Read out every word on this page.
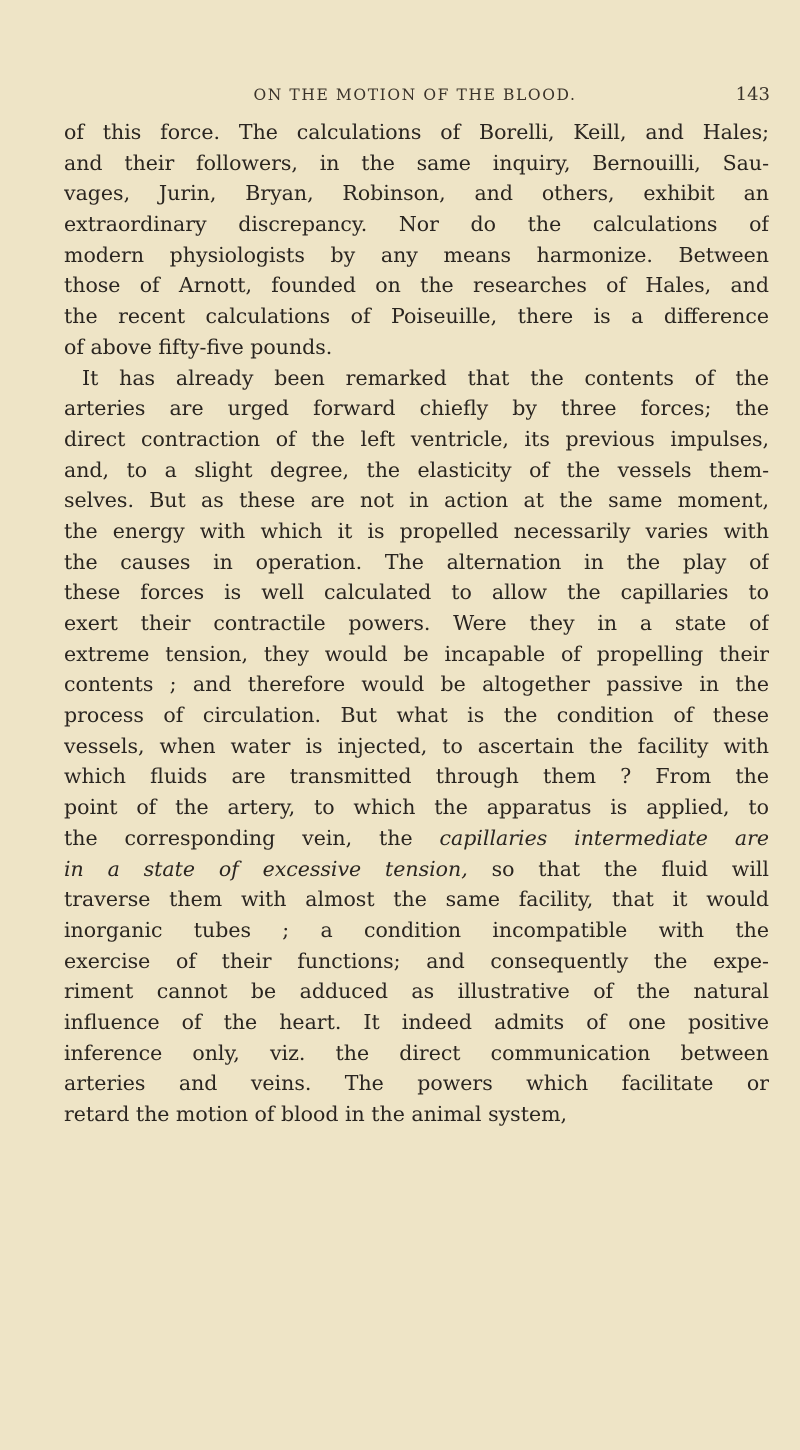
ON THE MOTION OF THE BLOOD.	143
of this force. The calculations of Borelli, Keill, and Hales;
and their followers, in the same inquiry, Bernouilli, Sau-
vages, Jurin, Bryan, Robinson, and others, exhibit an
extraordinary discrepancy. Nor do the calculations of
modern physiologists by any means harmonize. Between
those of Arnott, founded on the researches of Hales, and
the recent calculations of Poiseuille, there is a difference
of above fifty-five pounds.
It has already been remarked that the contents of the
arteries are urged forward chiefly by three forces; the
direct contraction of the left ventricle, its previous impulses,
and, to a slight degree, the elasticity of the vessels them-
selves. But as these are not in action at the same moment,
the energy with which it is propelled necessarily varies with
the causes in operation. The alternation in the play of
these forces is well calculated to allow the capillaries to
exert their contractile powers. Were they in a state of
extreme tension, they would be incapable of propelling their
contents ; and therefore would be altogether passive in the
process of circulation. But what is the condition of these
vessels, when water is injected, to ascertain the facility with
which fluids are transmitted through them ? From the
point of the artery, to which the apparatus is applied, to
the corresponding vein, the capillaries intermediate are
in a state of excessive tension, so that the fluid will
traverse them with almost the same facility, that it would
inorganic tubes ; a condition incompatible with the
exercise of their functions; and consequently the expe-
riment cannot be adduced as illustrative of the natural
influence of the heart. It indeed admits of one positive
inference only, viz. the direct communication between
arteries and veins. The powers which facilitate or
retard the motion of blood in the animal system,
